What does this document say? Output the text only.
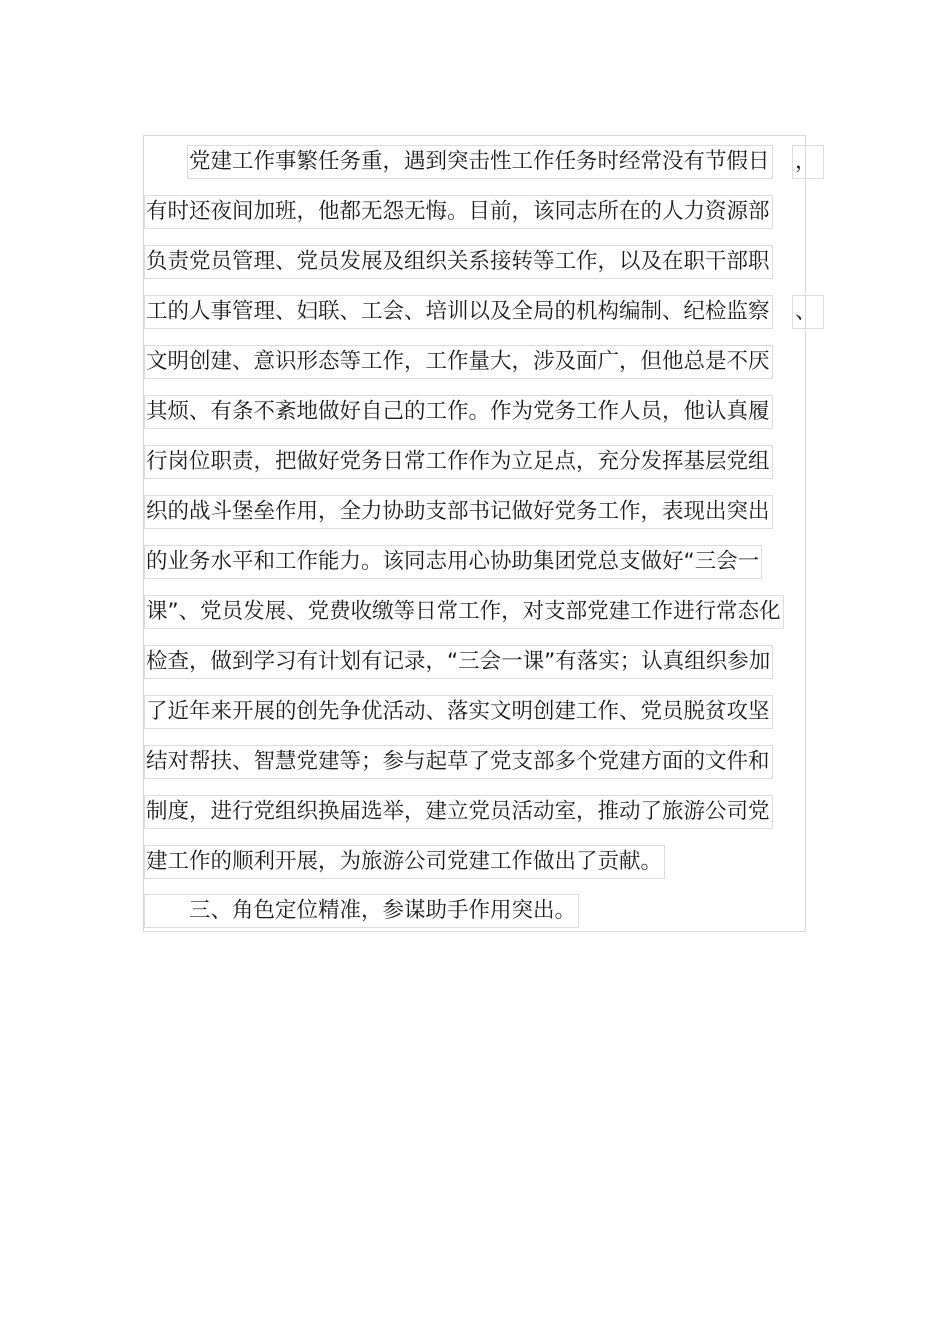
党建工作事繁任务重，遇到突击性工作任务时经常没有节假日 ，
有时还夜间加班，他都无怨无悔。目前，该同志所在的人力资源部
负责党员管理、党员发展及组织关系接转等工作，以及在职干部职
工的人事管理、妇联、工会、培训以及全局的机构编制、纪检监察 、
文明创建、意识形态等工作，工作量大，涉及面广，但他总是不厌
其烦、有条不紊地做好自己的工作。作为党务工作人员，他认真履
行岗位职责，把做好党务日常工作作为立足点，充分发挥基层党组
织的战斗堡垒作用，全力协助支部书记做好党务工作，表现出突出
的业务水平和工作能力。该同志用心协助集团党总支做好“三会一
课”、党员发展、党费收缴等日常工作，对支部党建工作进行常态化
检查，做到学习有计划有记录，“三会一课”有落实；认真组织参加
了近年来开展的创先争优活动、落实文明创建工作、党员脱贫攻坚
结对帮扶、智慧党建等；参与起草了党支部多个党建方面的文件和
制度，进行党组织换届选举，建立党员活动室，推动了旅游公司党
建工作的顺利开展，为旅游公司党建工作做出了贡献。
三、角色定位精准，参谋助手作用突出。
